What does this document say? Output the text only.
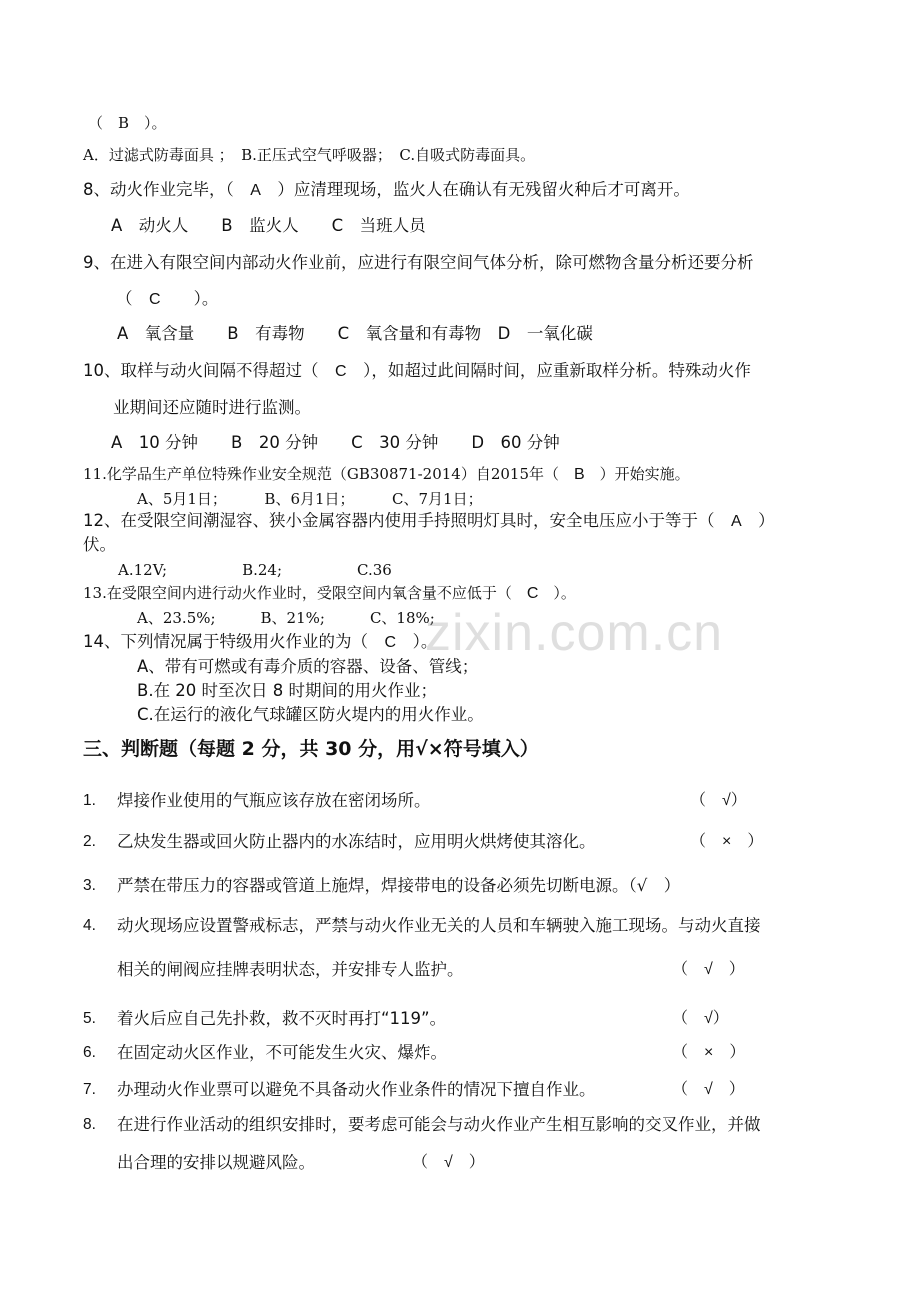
（　B　）。
A．过滤式防毒面具 ；　B.正压式空气呼吸器；　C.自吸式防毒面具。
8、动火作业完毕，（　A　）应清理现场，监火人在确认有无残留火种后才可离开。
A　动火人　　B　监火人　　C　当班人员
9、在进入有限空间内部动火作业前，应进行有限空间气体分析，除可燃物含量分析还要分析
（　C　　）。
A　氧含量　　B　有毒物　　C　氧含量和有毒物　D　一氧化碳
10、取样与动火间隔不得超过（　C　），如超过此间隔时间，应重新取样分析。特殊动火作
业期间还应随时进行监测。
A　10 分钟　　B　20 分钟　　C　30 分钟　　D　60 分钟
11.化学品生产单位特殊作业安全规范（GB30871-2014）自2015年（　B　）开始实施。
A、5月1日；　　　B、6月1日；　　　C、7月1日；
12、在受限空间潮湿容、狭小金属容器内使用手持照明灯具时，安全电压应小于等于（　A　）
伏。
A.12V;　　　　　B.24;　　　　　C.36
13.在受限空间内进行动火作业时，受限空间内氧含量不应低于（　C　）。
A、23.5%;　　　B、21%;　　　C、18%;
14、下列情况属于特级用火作业的为（　C　）。
A、带有可燃或有毒介质的容器、设备、管线；
B.在 20 时至次日 8 时期间的用火作业；
C.在运行的液化气球罐区防火堤内的用火作业。
zixin.com.cn
三、判断题（每题 2 分，共 30 分，用√×符号填入）
1. 焊接作业使用的气瓶应该存放在密闭场所。	（　√）
2. 乙炔发生器或回火防止器内的水冻结时，应用明火烘烤使其溶化。	（　×　）
3. 严禁在带压力的容器或管道上施焊，焊接带电的设备必须先切断电源。（√　）
4. 动火现场应设置警戒标志，严禁与动火作业无关的人员和车辆驶入施工现场。与动火直接
相关的闸阀应挂牌表明状态，并安排专人监护。	（　√　）
5. 着火后应自己先扑救，救不灭时再打“119”。	（　√）
6. 在固定动火区作业，不可能发生火灾、爆炸。	（　×　）
7. 办理动火作业票可以避免不具备动火作业条件的情况下擅自作业。	（　√　）
8. 在进行作业活动的组织安排时，要考虑可能会与动火作业产生相互影响的交叉作业，并做
出合理的安排以规避风险。	（　√　）
